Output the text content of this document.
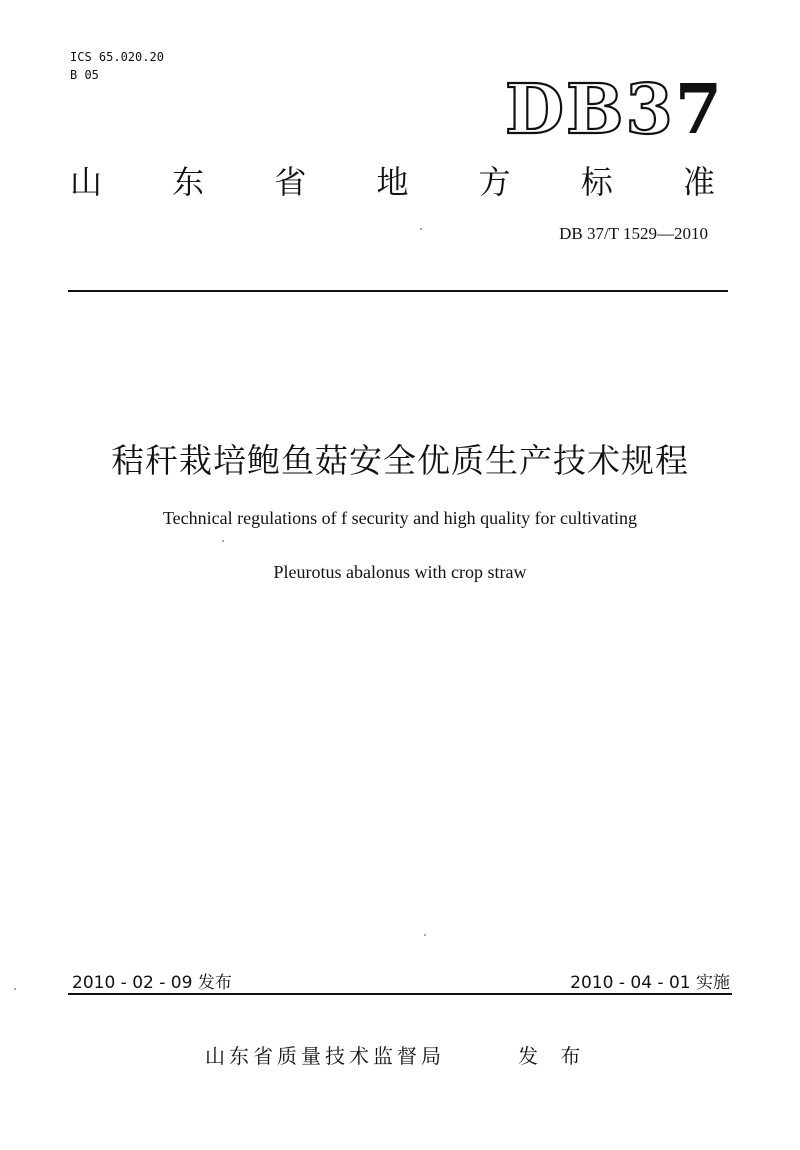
ICS 65.020.20
B 05	DB37
山 东 省 地 方 标 准
DB 37/T 1529—2010
秸秆栽培鲍鱼菇安全优质生产技术规程
Technical regulations of f security and high quality for cultivating
Pleurotus abalonus with crop straw
2010 - 02 - 09 发布	2010 - 04 - 01 实施
山东省质量技术监督局	发 布
